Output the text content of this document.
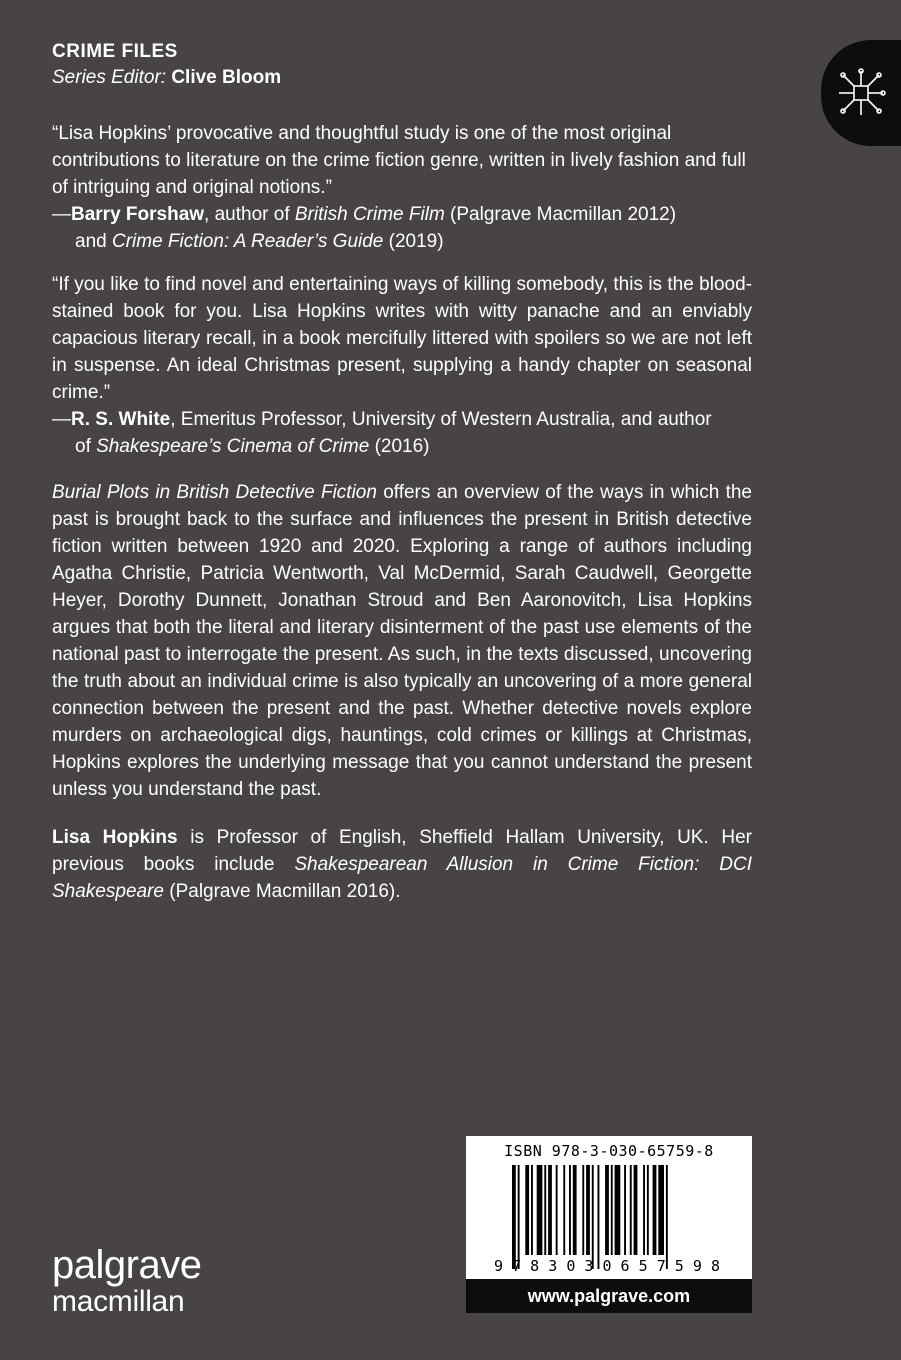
CRIME FILES
Series Editor: Clive Bloom

“Lisa Hopkins’ provocative and thoughtful study is one of the most original contributions to literature on the crime fiction genre, written in lively fashion and full of intriguing and original notions.”

—Barry Forshaw, author of British Crime Film (Palgrave Macmillan 2012)
and Crime Fiction: A Reader’s Guide (2019)

“If you like to find novel and entertaining ways of killing somebody, this is the blood-stained book for you. Lisa Hopkins writes with witty panache and an enviably capacious literary recall, in a book mercifully littered with spoilers so we are not left in suspense. An ideal Christmas present, supplying a handy chapter on seasonal crime.”

—R. S. White, Emeritus Professor, University of Western Australia, and author
of Shakespeare’s Cinema of Crime (2016)

Burial Plots in British Detective Fiction offers an overview of the ways in which the past is brought back to the surface and influences the present in British detective fiction written between 1920 and 2020. Exploring a range of authors including Agatha Christie, Patricia Wentworth, Val McDermid, Sarah Caudwell, Georgette Heyer, Dorothy Dunnett, Jonathan Stroud and Ben Aaronovitch, Lisa Hopkins argues that both the literal and literary disinterment of the past use elements of the national past to interrogate the present. As such, in the texts discussed, uncovering the truth about an individual crime is also typically an uncovering of a more general connection between the present and the past. Whether detective novels explore murders on archaeological digs, hauntings, cold crimes or killings at Christmas, Hopkins explores the underlying message that you cannot understand the present unless you understand the past.

Lisa Hopkins is Professor of English, Sheffield Hallam University, UK. Her previous books include Shakespearean Allusion in Crime Fiction: DCI Shakespeare (Palgrave Macmillan 2016).

palgrave
macmillan
ISBN 978-3-030-65759-8
9 7 8 3 0 3 0 6 5 7 5 9 8
www.palgrave.com
